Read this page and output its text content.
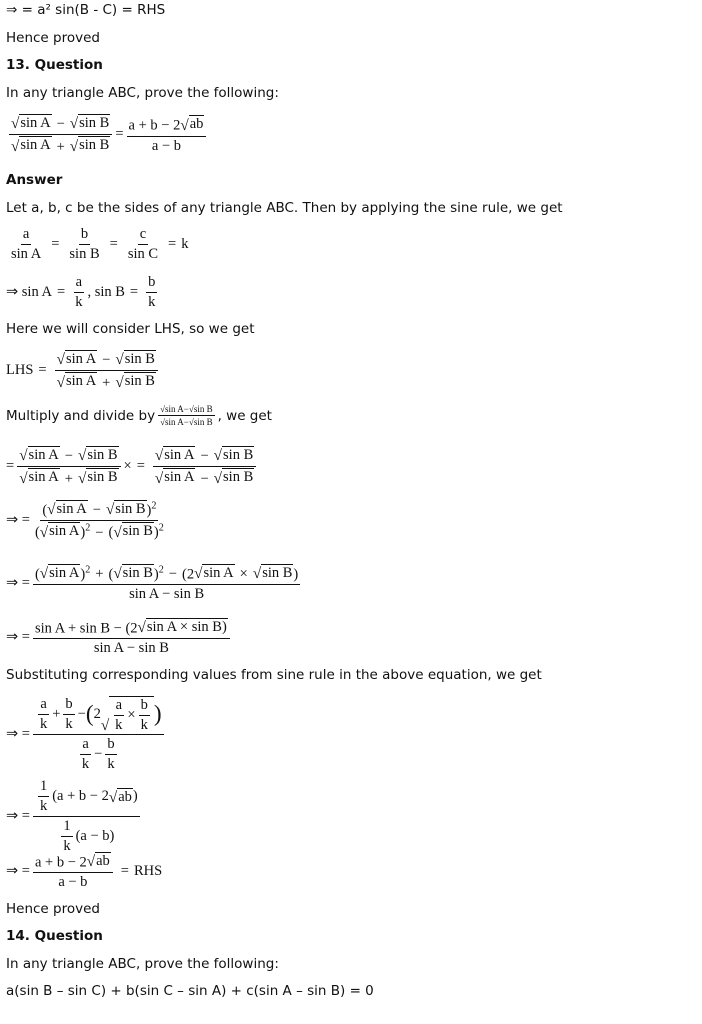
⇒ = a² sin(B - C) = RHS
Hence proved
13. Question
In any triangle ABC, prove the following:
$\frac{\text{√ sin A − √ sin B}}{\text{√ sin A + √ sin B}} = \frac{a + b - 2 √ ab}{a - b}$
Answer
Let a, b, c be the sides of any triangle ABC. Then by applying the sine rule, we get
$\frac{a}{\text{sin A}} = \frac{b}{\text{sin B}} = \frac{c}{\text{sin C}} = k$
⇒
$\sin A = \frac{a}{k}$ , $\sin B = \frac{b}{k}$
Here we will consider LHS, so we get
LHS = $\frac{\text{√ sin A − √ sin B}}{\text{√ sin A + √ sin B}}$
Multiply and divide by $\frac{\text{√sin A−√sin B}}{\text{√sin A−√sin B}}$ , we get
= $\frac{\text{√ sin A − √ sin B}}{\text{√ sin A + √ sin B}}$ × = $\frac{\text{√ sin A − √ sin B}}{\text{√ sin A − √ sin B}}$
⇒ = $\frac{( √ \sin A - √ \sin B )^2}{( √ \sin A )^2 - ( √ \sin B )^2}$
⇒ = $\frac{( √ \sin A )^2 + ( √ \sin B )^2 - (2 √ \sin A \times √ \sin B )}{\text{sin A − sin B}}$
⇒ = $\frac{\text{sin A + sin B − (2 √ sin A × sin B)}}{\text{sin A − sin B}}$
Substituting corresponding values from sine rule in the above equation, we get
⇒ =
$\frac{a}{k} + \frac{b}{k}$ − ( 2
√ $\frac{a}{k} \times \frac{b}{k}$ )
$\frac{a}{k} - \frac{b}{k}$
⇒ = $\frac{\frac{1}{k} ( a + b - 2 √ ab )}{\frac{1}{k} ( a - b )}$
⇒ = $\frac{a + b - 2 √ ab}{a - b}$ = RHS
Hence proved
14. Question
In any triangle ABC, prove the following:
a(sin B – sin C) + b(sin C – sin A) + c(sin A – sin B) = 0
